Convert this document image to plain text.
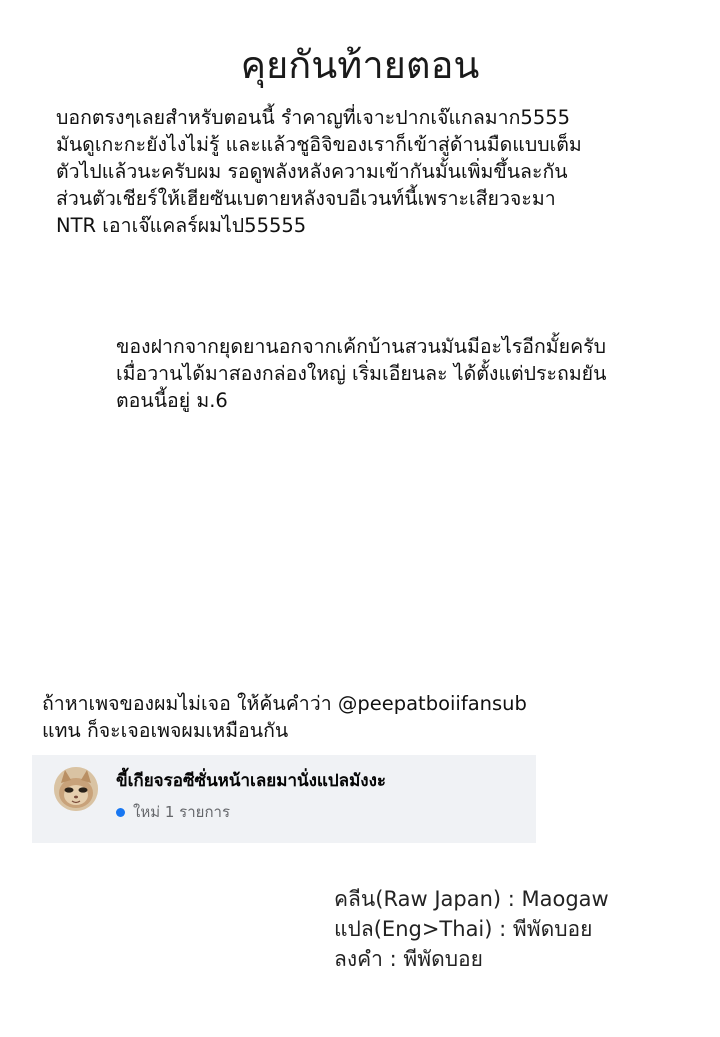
คุยกันท้ายตอน
บอกตรงๆเลยสำหรับตอนนี้ รำคาญที่เจาะปากเจ๊แกลมาก5555
มันดูเกะกะยังไงไม่รู้ และแล้วชูอิจิของเราก็เข้าสู่ด้านมืดแบบเต็ม
ตัวไปแล้วนะครับผม รอดูพลังหลังความเข้ากันมั้นเพิ่มขึ้นละกัน
ส่วนตัวเชียร์ให้เฮียซันเบตายหลังจบอีเวนท์นี้เพราะเสียวจะมา
NTR เอาเจ๊แคลร์ผมไป55555
ของฝากจากยุดยานอกจากเค้กบ้านสวนมันมีอะไรอีกมั้ยครับ
เมื่อวานได้มาสองกล่องใหญ่ เริ่มเอียนละ ได้ตั้งแต่ประถมยัน
ตอนนี้อยู่ ม.6
ถ้าหาเพจของผมไม่เจอ ให้ค้นคำว่า @peepatboiifansub
แทน ก็จะเจอเพจผมเหมือนกัน
ขี้เกียจรอซีซั่นหน้าเลยมานั่งแปลมังงะ
ใหม่ 1 รายการ
คลีน(Raw Japan) : Maogaw
แปล(Eng>Thai) : พีพัดบอย
ลงคำ : พีพัดบอย
